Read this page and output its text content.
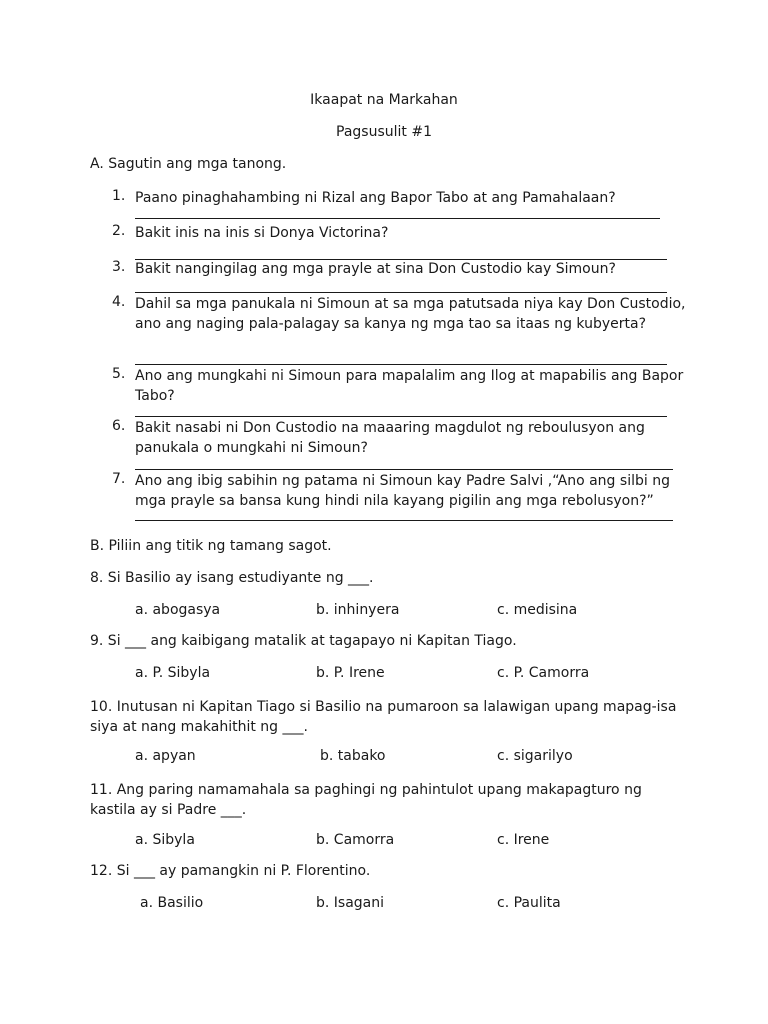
Ikaapat na Markahan
Pagsusulit #1
A. Sagutin ang mga tanong.
1. Paano pinaghahambing ni Rizal ang Bapor Tabo at ang Pamahalaan?
2. Bakit inis na inis si Donya Victorina?
3. Bakit nangingilag ang mga prayle at sina Don Custodio kay Simoun?
4. Dahil sa mga panukala ni Simoun at sa mga patutsada niya kay Don Custodio, ano ang naging pala-palagay sa kanya ng mga tao sa itaas ng kubyerta?
5. Ano ang mungkahi ni Simoun para mapalalim ang Ilog at mapabilis ang Bapor Tabo?
6. Bakit nasabi ni Don Custodio na maaaring magdulot ng reboulusyon ang panukala o mungkahi ni Simoun?
7. Ano ang ibig sabihin ng patama ni Simoun kay Padre Salvi ,“Ano ang silbi ng mga prayle sa bansa kung hindi nila kayang pigilin ang mga rebolusyon?”
B. Piliin ang titik ng tamang sagot.
8. Si Basilio ay isang estudiyante ng ___.
a. abogasya	b. inhinyera	c. medisina
9. Si ___ ang kaibigang matalik at tagapayo ni Kapitan Tiago.
a. P. Sibyla	b. P. Irene	c. P. Camorra
10. Inutusan ni Kapitan Tiago si Basilio na pumaroon sa lalawigan upang mapag-isa siya at nang makahithit ng ___.
a. apyan	b. tabako	c. sigarilyo
11. Ang paring namamahala sa paghingi ng pahintulot upang makapagturo ng kastila ay si Padre ___.
a. Sibyla	b. Camorra	c. Irene
12. Si ___ ay pamangkin ni P. Florentino.
a. Basilio	b. Isagani	c. Paulita
